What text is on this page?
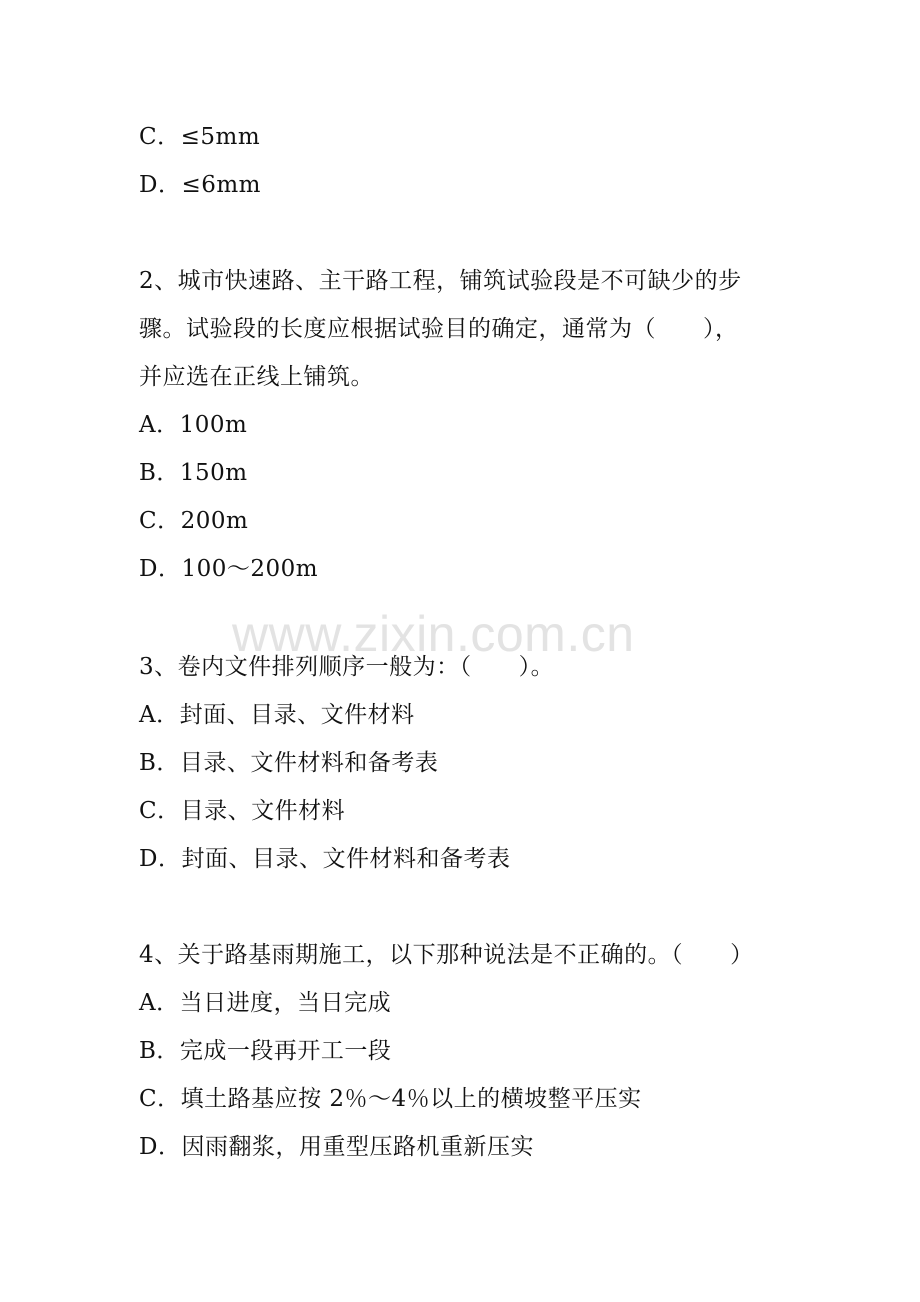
C．≤5mm
D．≤6mm
2、城市快速路、主干路工程，铺筑试验段是不可缺少的步
骤。试验段的长度应根据试验目的确定，通常为（　　），
并应选在正线上铺筑。
A．100m
B．150m
C．200m
D．100～200m
www.zixin.com.cn
3、卷内文件排列顺序一般为：（　　）。
A．封面、目录、文件材料
B．目录、文件材料和备考表
C．目录、文件材料
D．封面、目录、文件材料和备考表
4、关于路基雨期施工，以下那种说法是不正确的。（　　）
A．当日进度，当日完成
B．完成一段再开工一段
C．填土路基应按 2％～4％以上的横坡整平压实
D．因雨翻浆，用重型压路机重新压实
